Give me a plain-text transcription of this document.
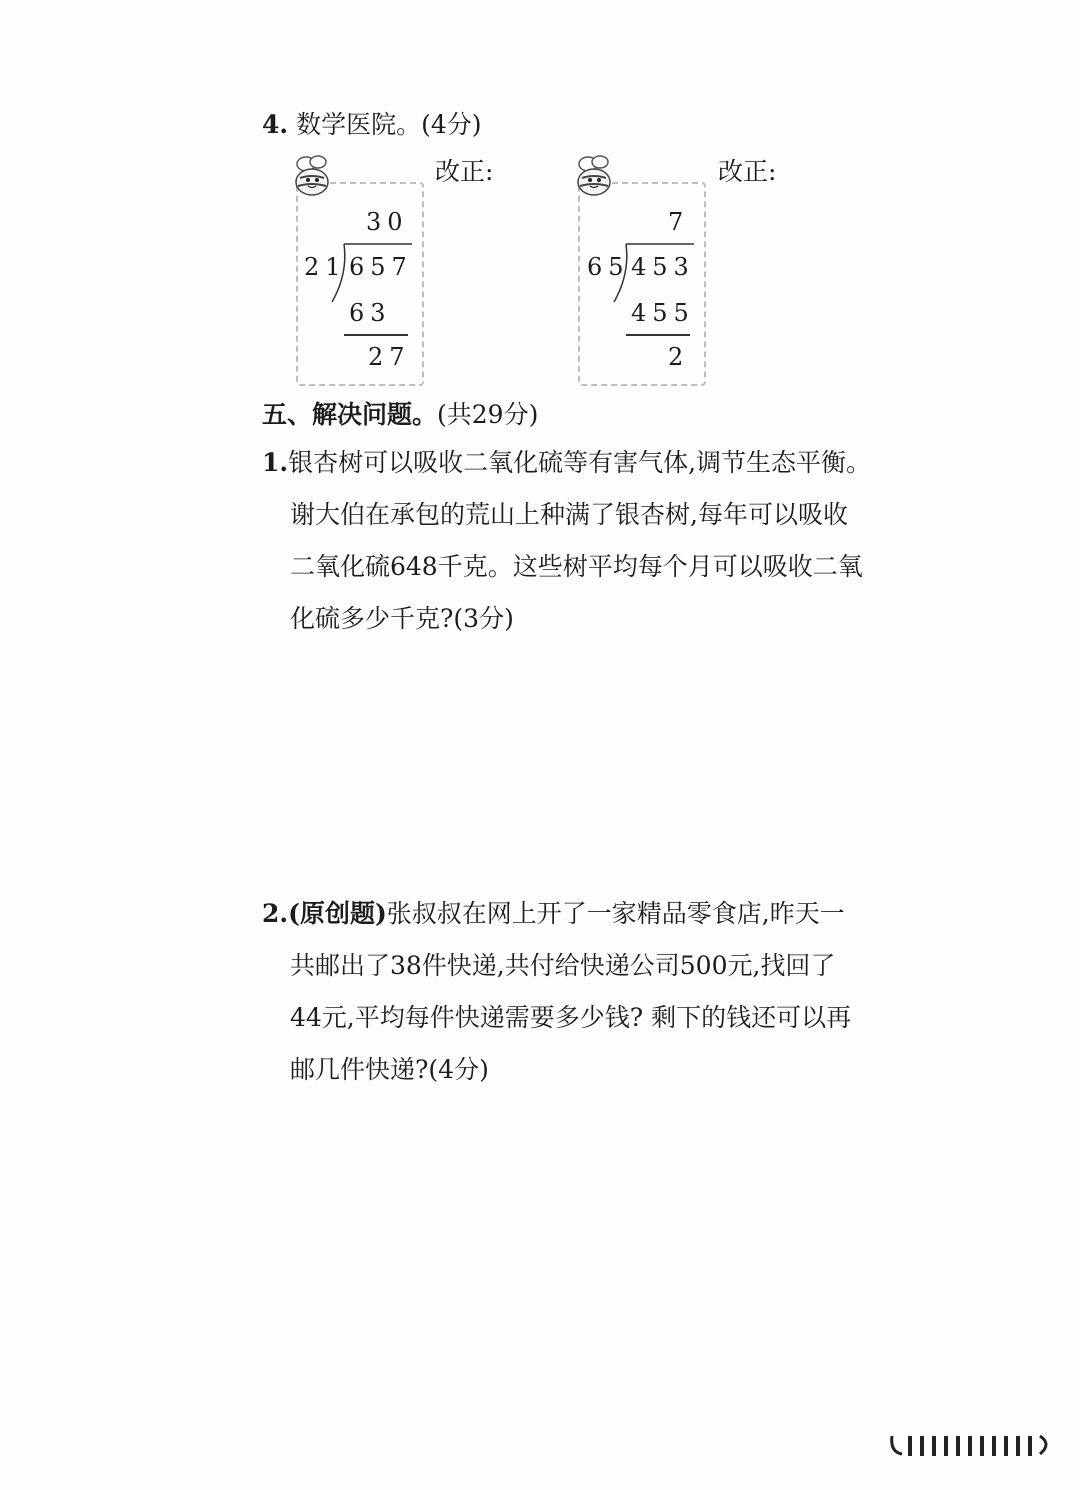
4. 数学医院。(4分)
改正:	改正:
30
21 657
63
27
7
65 453
455
2
五、解决问题。(共29分)
1.银杏树可以吸收二氧化硫等有害气体,调节生态平衡。
谢大伯在承包的荒山上种满了银杏树,每年可以吸收
二氧化硫648千克。这些树平均每个月可以吸收二氧
化硫多少千克?(3分)
2.(原创题)张叔叔在网上开了一家精品零食店,昨天一
共邮出了38件快递,共付给快递公司500元,找回了
44元,平均每件快递需要多少钱? 剩下的钱还可以再
邮几件快递?(4分)
